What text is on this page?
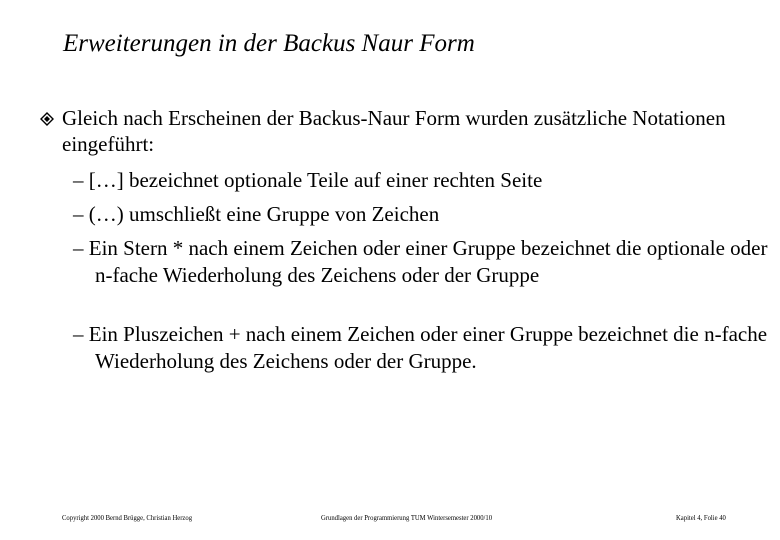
Erweiterungen in der Backus Naur Form
Gleich nach Erscheinen der Backus-Naur Form wurden zusätzliche Notationen eingeführt:
– […] bezeichnet optionale Teile auf einer rechten Seite
– (…) umschließt eine Gruppe von Zeichen
– Ein Stern * nach einem Zeichen oder einer Gruppe bezeichnet die optionale oder n-fache Wiederholung des Zeichens oder der Gruppe
– Ein Pluszeichen + nach einem Zeichen oder einer Gruppe bezeichnet die n-fache Wiederholung des Zeichens oder der Gruppe.
Copyright 2000 Bernd Brügge, Christian Herzog	Grundlagen der Programmierung TUM Wintersemester 2000/10	Kapitel 4, Folie 40
